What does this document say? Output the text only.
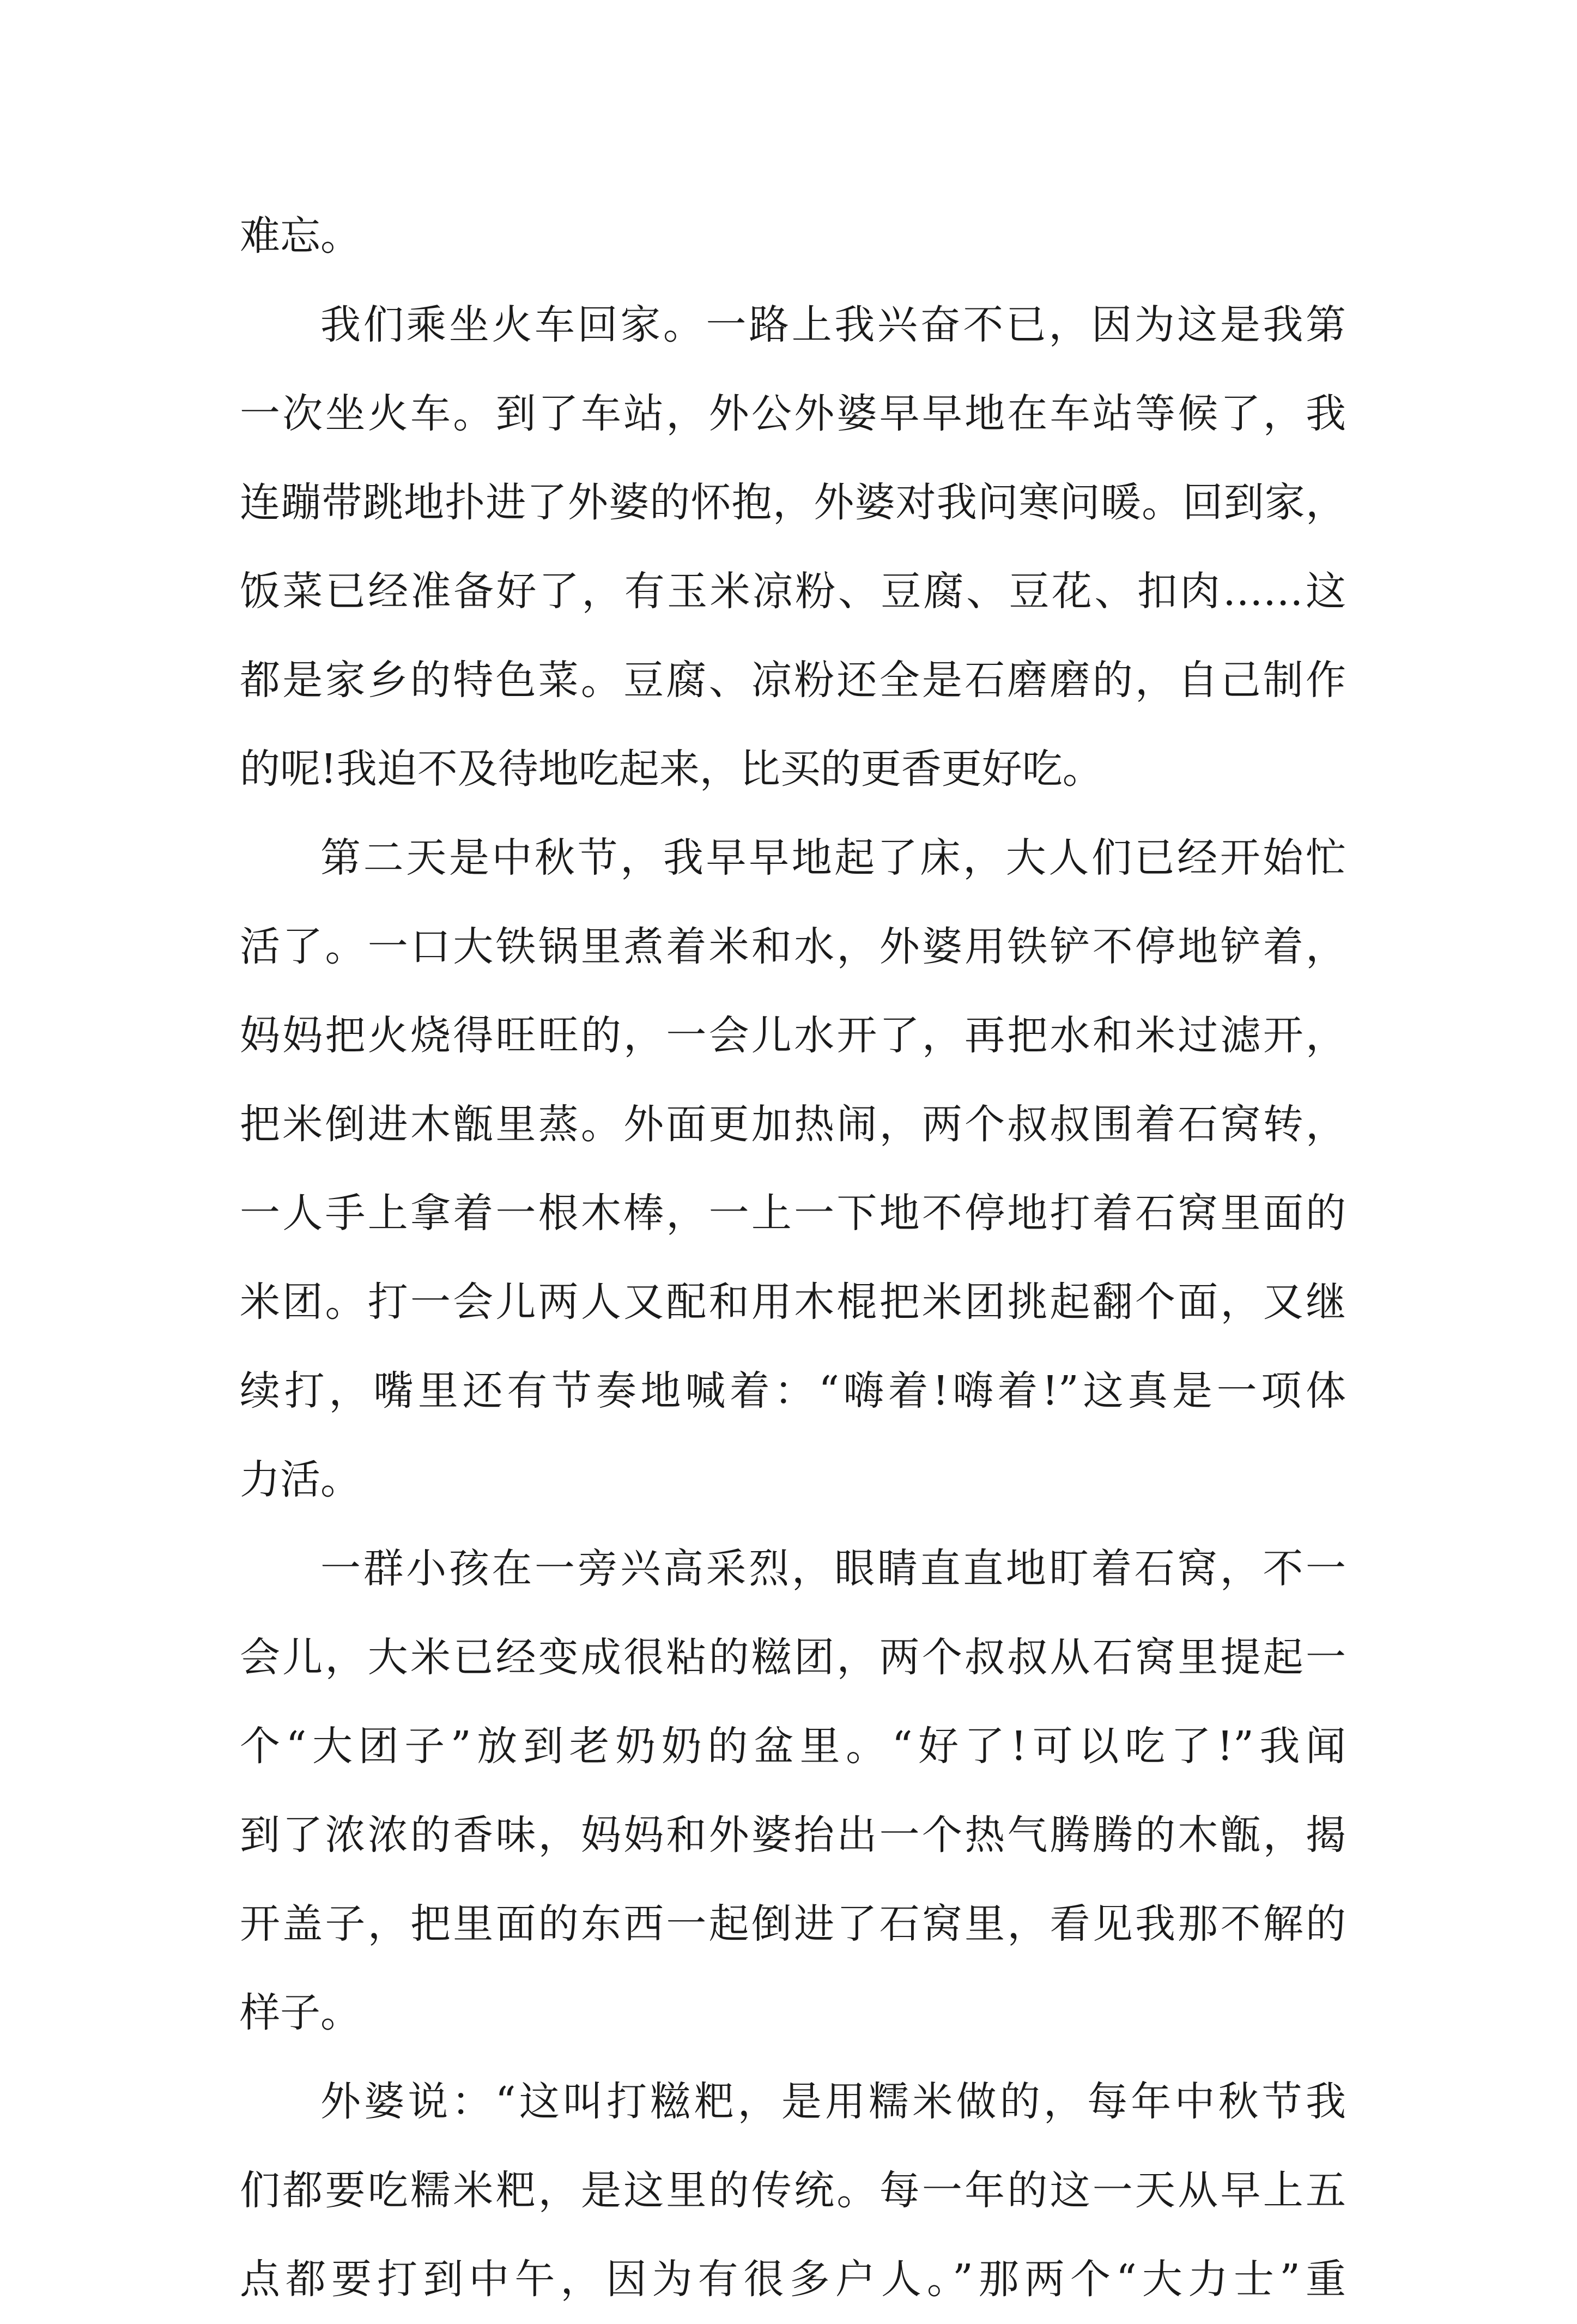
难忘。
我们乘坐火车回家。一路上我兴奋不已，因为这是我第
一次坐火车。到了车站，外公外婆早早地在车站等候了，我
连蹦带跳地扑进了外婆的怀抱，外婆对我问寒问暖。回到家，
饭菜已经准备好了，有玉米凉粉、豆腐、豆花、扣肉……这
都是家乡的特色菜。豆腐、凉粉还全是石磨磨的，自己制作
的呢!我迫不及待地吃起来，比买的更香更好吃。
第二天是中秋节，我早早地起了床，大人们已经开始忙
活了。一口大铁锅里煮着米和水，外婆用铁铲不停地铲着，
妈妈把火烧得旺旺的，一会儿水开了，再把水和米过滤开，
把米倒进木甑里蒸。外面更加热闹，两个叔叔围着石窝转，
一人手上拿着一根木棒，一上一下地不停地打着石窝里面的
米团。打一会儿两人又配和用木棍把米团挑起翻个面，又继
续打，嘴里还有节奏地喊着：“嗨着!嗨着!”这真是一项体
力活。
一群小孩在一旁兴高采烈，眼睛直直地盯着石窝，不一
会儿，大米已经变成很粘的糍团，两个叔叔从石窝里提起一
个“大团子”放到老奶奶的盆里。“好了!可以吃了!”我闻
到了浓浓的香味，妈妈和外婆抬出一个热气腾腾的木甑，揭
开盖子，把里面的东西一起倒进了石窝里，看见我那不解的
样子。
外婆说：“这叫打糍粑，是用糯米做的，每年中秋节我
们都要吃糯米粑，是这里的传统。每一年的这一天从早上五
点都要打到中午，因为有很多户人。”那两个“大力士”重
